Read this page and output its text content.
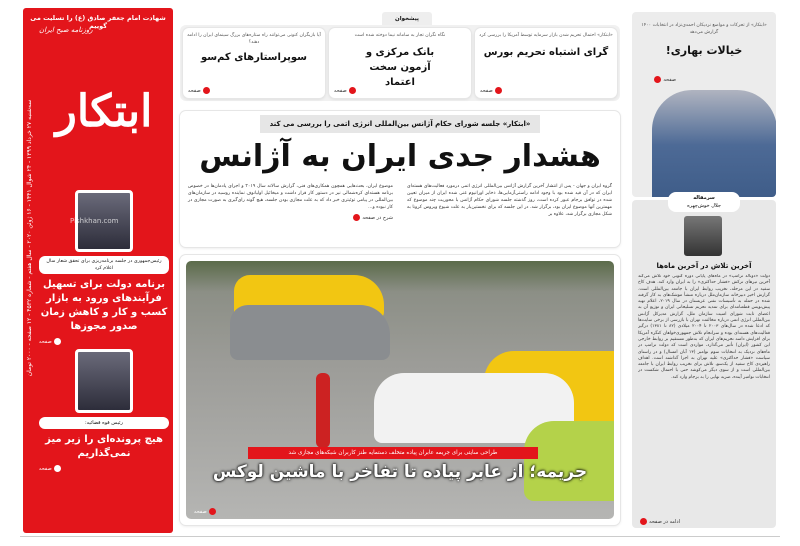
شهادت امام جعفر صادق (ع) را تسلیت می گوییم
روزنامه صبح ایران
ابتکار
سه‌شنبه ۲۷ خرداد ۱۳۹۹ - ۲۴ شوال ۱۴۴۱ - ۱۶ ژوئن ۲۰۲۰ - سال هفتم - شماره ۴۵۳۲ - ۱۲ صفحه - ۲۰۰۰ تومان
Pishkhan.com
رئیس‌جمهوری در جلسه برنامه‌ریزی برای تحقق شعار سال اعلام کرد
برنامه دولت برای تسهیل فرآیندهای ورود به بازار کسب و کار و کاهش زمان صدور مجوزها
صفحه
رئیس قوه قضائیه:
هیچ پرونده‌ای را زیر میز نمی‌گذاریم
صفحه
پیشخوان
«ابتکار» احتمال تحریم شدن بازار سرمایه توسط آمریکا را بررسی کرد
گرای اشتباه تحریم بورس
صفحه
نگاه نگران تجار به سامانه نیما دوخته شده است
بانک مرکزی و آزمون سخت اعتماد
صفحه
آیا بازیگران کنونی می‌توانند راه ستاره‌های بزرگ سینمای ایران را ادامه دهند؟
سوپراستارهای کم‌سو
صفحه
«ابتکار» جلسه شورای حکام آژانس بین‌المللی انرژی اتمی را بررسی می کند
هشدار جدی ایران به آژانس
گروه ایران و جهان - پس از انتشار آخرین گزارش آژانس بین‌المللی انرژی اتمی درمورد فعالیت‌های هسته‌ای ایران که در آن قید شده بود با وجود ادامه راستی‌آزمایی‌ها، ذخایر اورانیوم غنی شده ایران از میزان تعیین شده در توافق برجام عبور کرده است، روز گذشته جلسه شورای حکام آژانس با محوریت چند موضوع که مهمترین آنها موضوع ایران بود، برگزار شد. در این جلسه که برای نخستین‌بار به علت شیوع ویروس کرونا به شکل مجازی برگزار شد، علاوه بر
موضوع ایران، بحث‌هایی همچون همکاری‌های فنی، گزارش سالانه سال ۲۰۱۹ و اجرای پادمان‌ها در خصوص برنامه هسته‌ای کره‌شمالی نیز در دستور کار قرار داشت و میخائیل اولیانوف نماینده روسیه در سازمان‌های بین‌المللی در پیامی توئیتری خبر داد که به علت مجازی بودن جلسه، هیچ گونه رای‌گیری به صورت مجازی در کار نبوده و...
شرح در صفحه
طراحی سایتی برای جریمه عابران پیاده متخلف دستمایه طنز کاربران شبکه‌های مجازی شد
جریمه؛ از عابر پیاده تا تفاخر با ماشین لوکس
صفحه
«ابتکار» از تحرکات و مواضع نزدیکان احمدی‌نژاد در انتخابات ۱۴۰۰ گزارش می‌دهد
خیالات بهاری!
صفحه
سرمقاله
جلال خوش‌چهره
آخرین تلاش در آخرین ماه‌ها
دولت «دونالد ترامپ» در ماه‌های پایانی دوره کنونی خود تلاش می‌کند آخرین تیرهای ترکش «فشار حداکثری» را به ایران وارد کند. هدف کاخ سفید در این مرحله، تخریب روابط ایران با جامعه بین‌المللی است. گزارش اخیر دبیرخانه سازمان‌ملل درباره منشأ موشک‌های به کار گرفته شده در حمله به تأسیسات نفتی عربستان در سال ۲۰۱۹، اعلام تهیه پیش‌نویس قطعنامه‌ای برای تمدید تحریم تسلیحاتی ایران و توزیع آن به اعضای ثابت شورای امنیت سازمان ملل، گزارش مدیرکل آژانس بین‌المللی انرژی اتمی درباره مخالفت تهران با بازرسی از برخی سایت‌ها که ادعا شده در سال‌های ۲۰۰۳ تا ۲۰۰۴ میلادی (۸۲ تا ۱۳۸۱) درگیر فعالیت‌های هسته‌ای بوده و سرانجام تلاش جمهوری‌خواهان کنگره آمریکا برای افزایش دامنه تحریم‌های ایران که به‌طور مستقیم بر روابط خارجی این کشور (ایران) تأثیر می‌گذارد، مواردی است که دولت ترامپ در ماه‌های نزدیک به انتخابات سوم نوامبر (۱۳ آبان امسال) و در راستای سیاست «فشار حداکثری» علیه تهران به اجرا گذاشته است. اهداف راهبردی کاخ سفید از یک‌سو، تلاش برای تخریب روابط ایران با جامعه بین‌المللی است و از سوی دیگر می‌کوشد حتی با احتمال شکست در انتخابات نوامبر آینده، ضربه نهایی را به برجام وارد کند.
ادامه در صفحه
